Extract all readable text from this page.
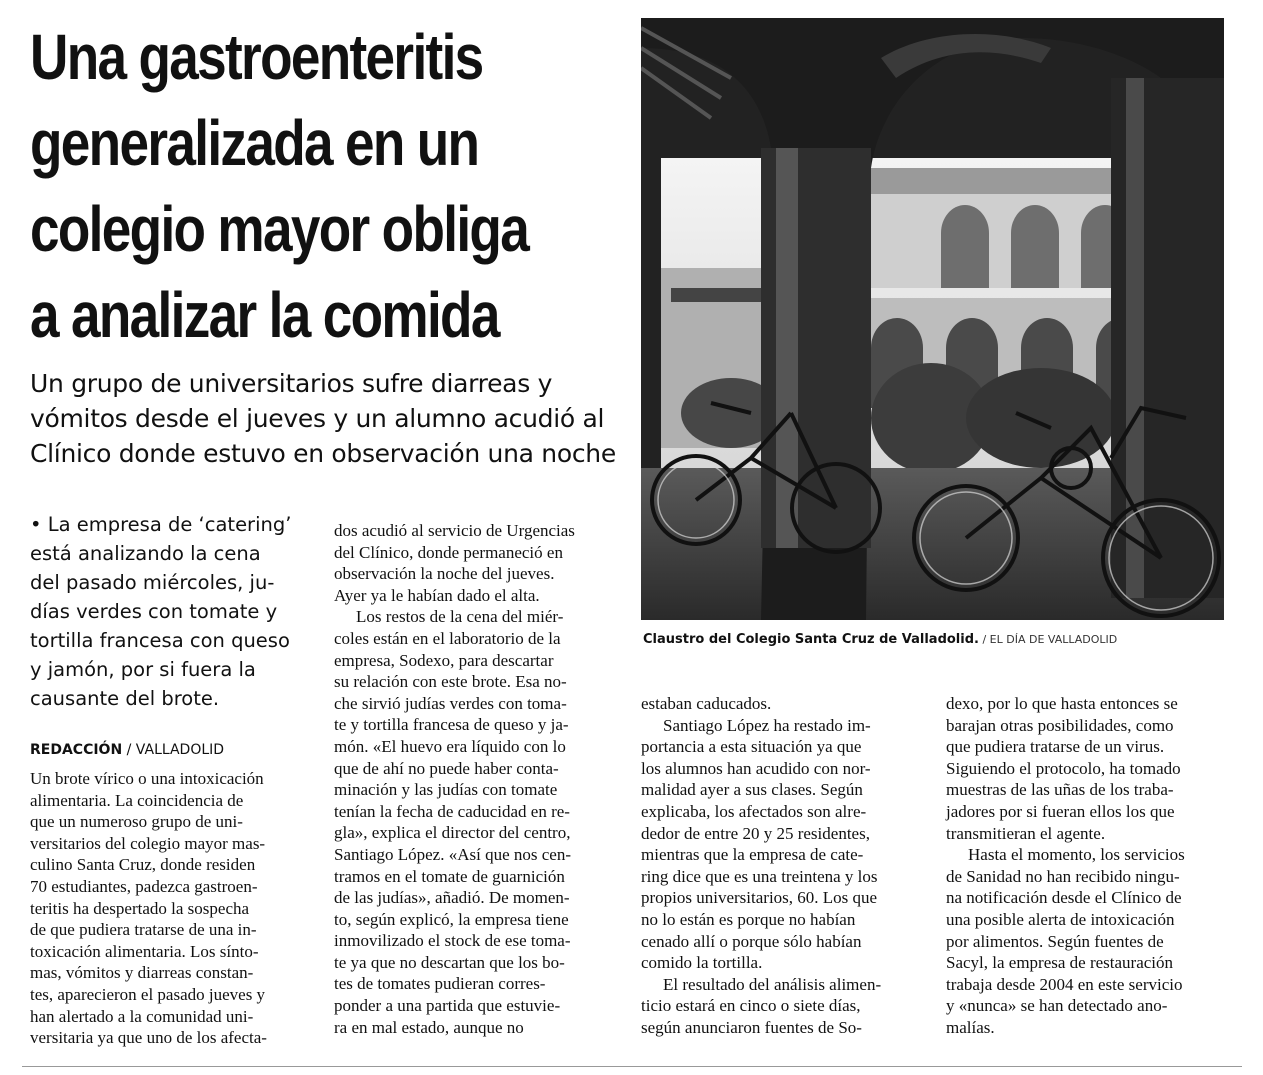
Una gastroenteritis
generalizada en un
colegio mayor obliga
a analizar la comida
Un grupo de universitarios sufre diarreas y
vómitos desde el jueves y un alumno acudió al
Clínico donde estuvo en observación una noche
• La empresa de ‘catering’
está analizando la cena
del pasado miércoles, ju-
días verdes con tomate y
tortilla francesa con queso
y jamón, por si fuera la
causante del brote.
REDACCIÓN / VALLADOLID
Un brote vírico o una intoxicación
alimentaria. La coincidencia de
que un numeroso grupo de uni-
versitarios del colegio mayor mas-
culino Santa Cruz, donde residen
70 estudiantes, padezca gastroen-
teritis ha despertado la sospecha
de que pudiera tratarse de una in-
toxicación alimentaria. Los sínto-
mas, vómitos y diarreas constan-
tes, aparecieron el pasado jueves y
han alertado a la comunidad uni-
versitaria ya que uno de los afecta-
dos acudió al servicio de Urgencias
del Clínico, donde permaneció en
observación la noche del jueves.
Ayer ya le habían dado el alta.
Los restos de la cena del miér-
coles están en el laboratorio de la
empresa, Sodexo, para descartar
su relación con este brote. Esa no-
che sirvió judías verdes con toma-
te y tortilla francesa de queso y ja-
món. «El huevo era líquido con lo
que de ahí no puede haber conta-
minación y las judías con tomate
tenían la fecha de caducidad en re-
gla», explica el director del centro,
Santiago López. «Así que nos cen-
tramos en el tomate de guarnición
de las judías», añadió. De momen-
to, según explicó, la empresa tiene
inmovilizado el stock de ese toma-
te ya que no descartan que los bo-
tes de tomates pudieran corres-
ponder a una partida que estuvie-
ra en mal estado, aunque no
estaban caducados.
Santiago López ha restado im-
portancia a esta situación ya que
los alumnos han acudido con nor-
malidad ayer a sus clases. Según
explicaba, los afectados son alre-
dedor de entre 20 y 25 residentes,
mientras que la empresa de cate-
ring dice que es una treintena y los
propios universitarios, 60. Los que
no lo están es porque no habían
cenado allí o porque sólo habían
comido la tortilla.
El resultado del análisis alimen-
ticio estará en cinco o siete días,
según anunciaron fuentes de So-
dexo, por lo que hasta entonces se
barajan otras posibilidades, como
que pudiera tratarse de un virus.
Siguiendo el protocolo, ha tomado
muestras de las uñas de los traba-
jadores por si fueran ellos los que
transmitieran el agente.
Hasta el momento, los servicios
de Sanidad no han recibido ningu-
na notificación desde el Clínico de
una posible alerta de intoxicación
por alimentos. Según fuentes de
Sacyl, la empresa de restauración
trabaja desde 2004 en este servicio
y «nunca» se han detectado ano-
malías.
Claustro del Colegio Santa Cruz de Valladolid. / EL DÍA DE VALLADOLID
